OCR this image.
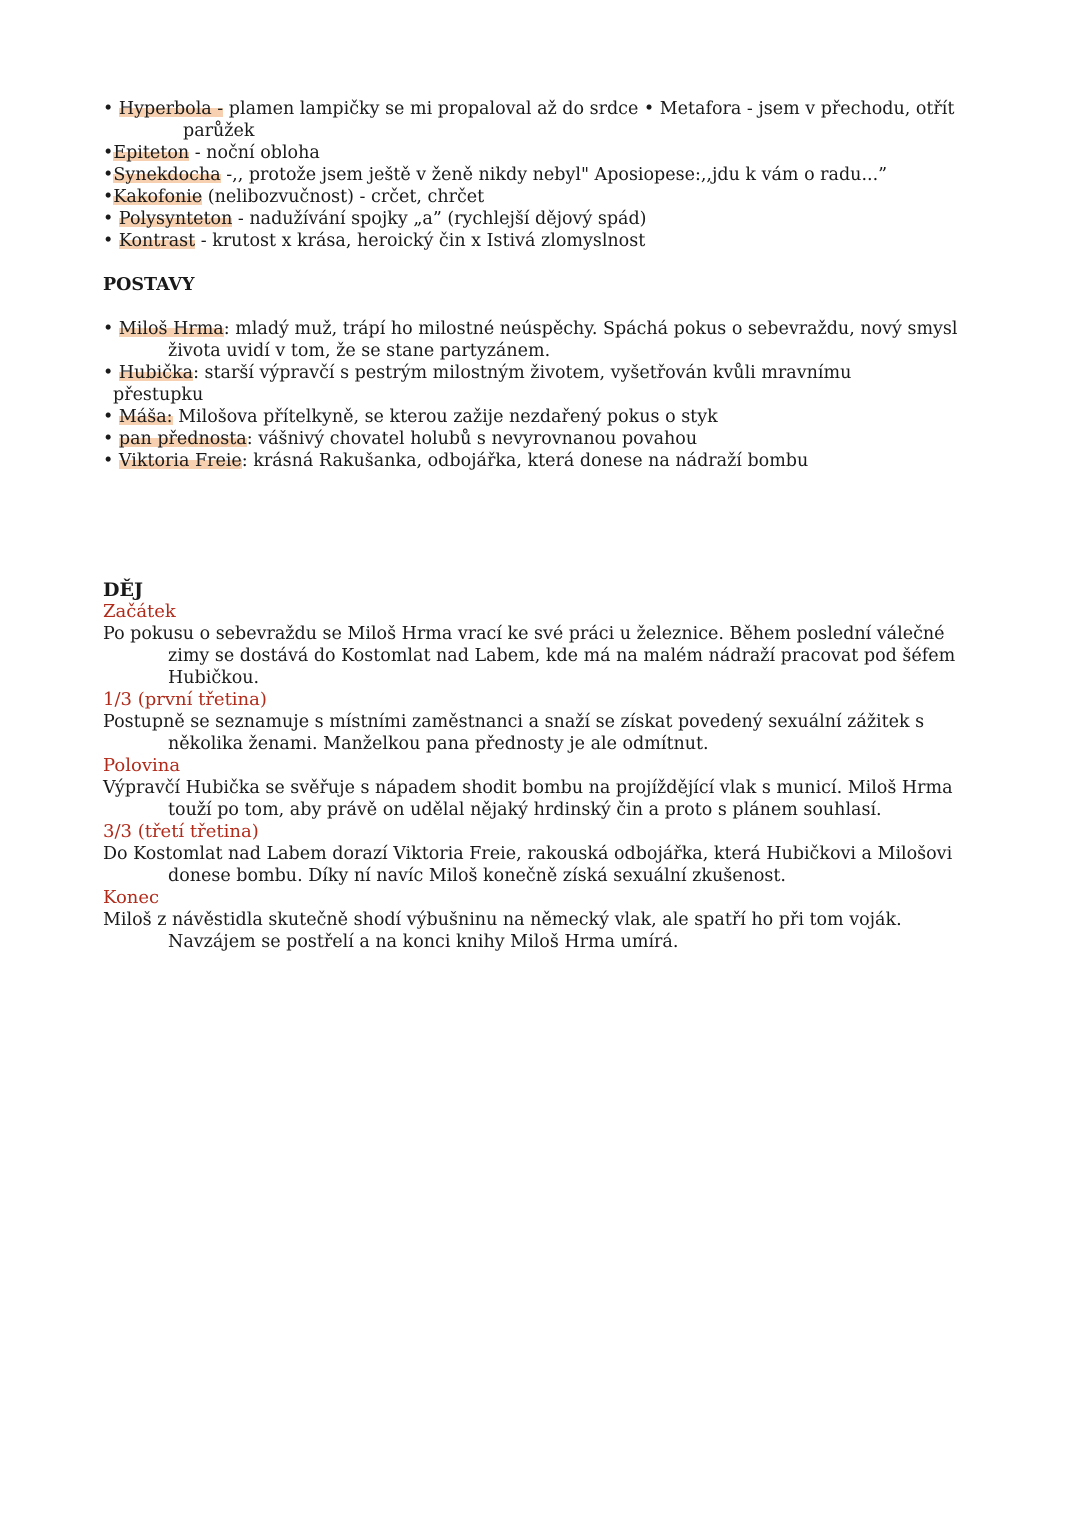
• Hyperbola - plamen lampičky se mi propaloval až do srdce • Metafora - jsem v přechodu, otřít
parůžek
•Epiteton - noční obloha
•Synekdocha -,, protože jsem ještě v ženě nikdy nebyl" Aposiopese:,,jdu k vám o radu...”
•Kakofonie (nelibozvučnost) - crčet, chrčet
• Polysynteton - nadužívání spojky „a” (rychlejší dějový spád)
• Kontrast - krutost x krása, heroický čin x Istivá zlomyslnost
POSTAVY
• Miloš Hrma: mladý muž, trápí ho milostné neúspěchy. Spáchá pokus o sebevraždu, nový smysl
života uvidí v tom, že se stane partyzánem.
• Hubička: starší výpravčí s pestrým milostným životem, vyšetřován kvůli mravnímu
přestupku
• Máša: Milošova přítelkyně, se kterou zažije nezdařený pokus o styk
• pan přednosta: vášnivý chovatel holubů s nevyrovnanou povahou
• Viktoria Freie: krásná Rakušanka, odbojářka, která donese na nádraží bombu
DĚJ
Začátek
Po pokusu o sebevraždu se Miloš Hrma vrací ke své práci u železnice. Během poslední válečné
zimy se dostává do Kostomlat nad Labem, kde má na malém nádraží pracovat pod šéfem
Hubičkou.
1/3 (první třetina)
Postupně se seznamuje s místními zaměstnanci a snaží se získat povedený sexuální zážitek s
několika ženami. Manželkou pana přednosty je ale odmítnut.
Polovina
Výpravčí Hubička se svěřuje s nápadem shodit bombu na projíždějící vlak s municí. Miloš Hrma
touží po tom, aby právě on udělal nějaký hrdinský čin a proto s plánem souhlasí.
3/3 (třetí třetina)
Do Kostomlat nad Labem dorazí Viktoria Freie, rakouská odbojářka, která Hubičkovi a Milošovi
donese bombu. Díky ní navíc Miloš konečně získá sexuální zkušenost.
Konec
Miloš z návěstidla skutečně shodí výbušninu na německý vlak, ale spatří ho při tom voják.
Navzájem se postřelí a na konci knihy Miloš Hrma umírá.
